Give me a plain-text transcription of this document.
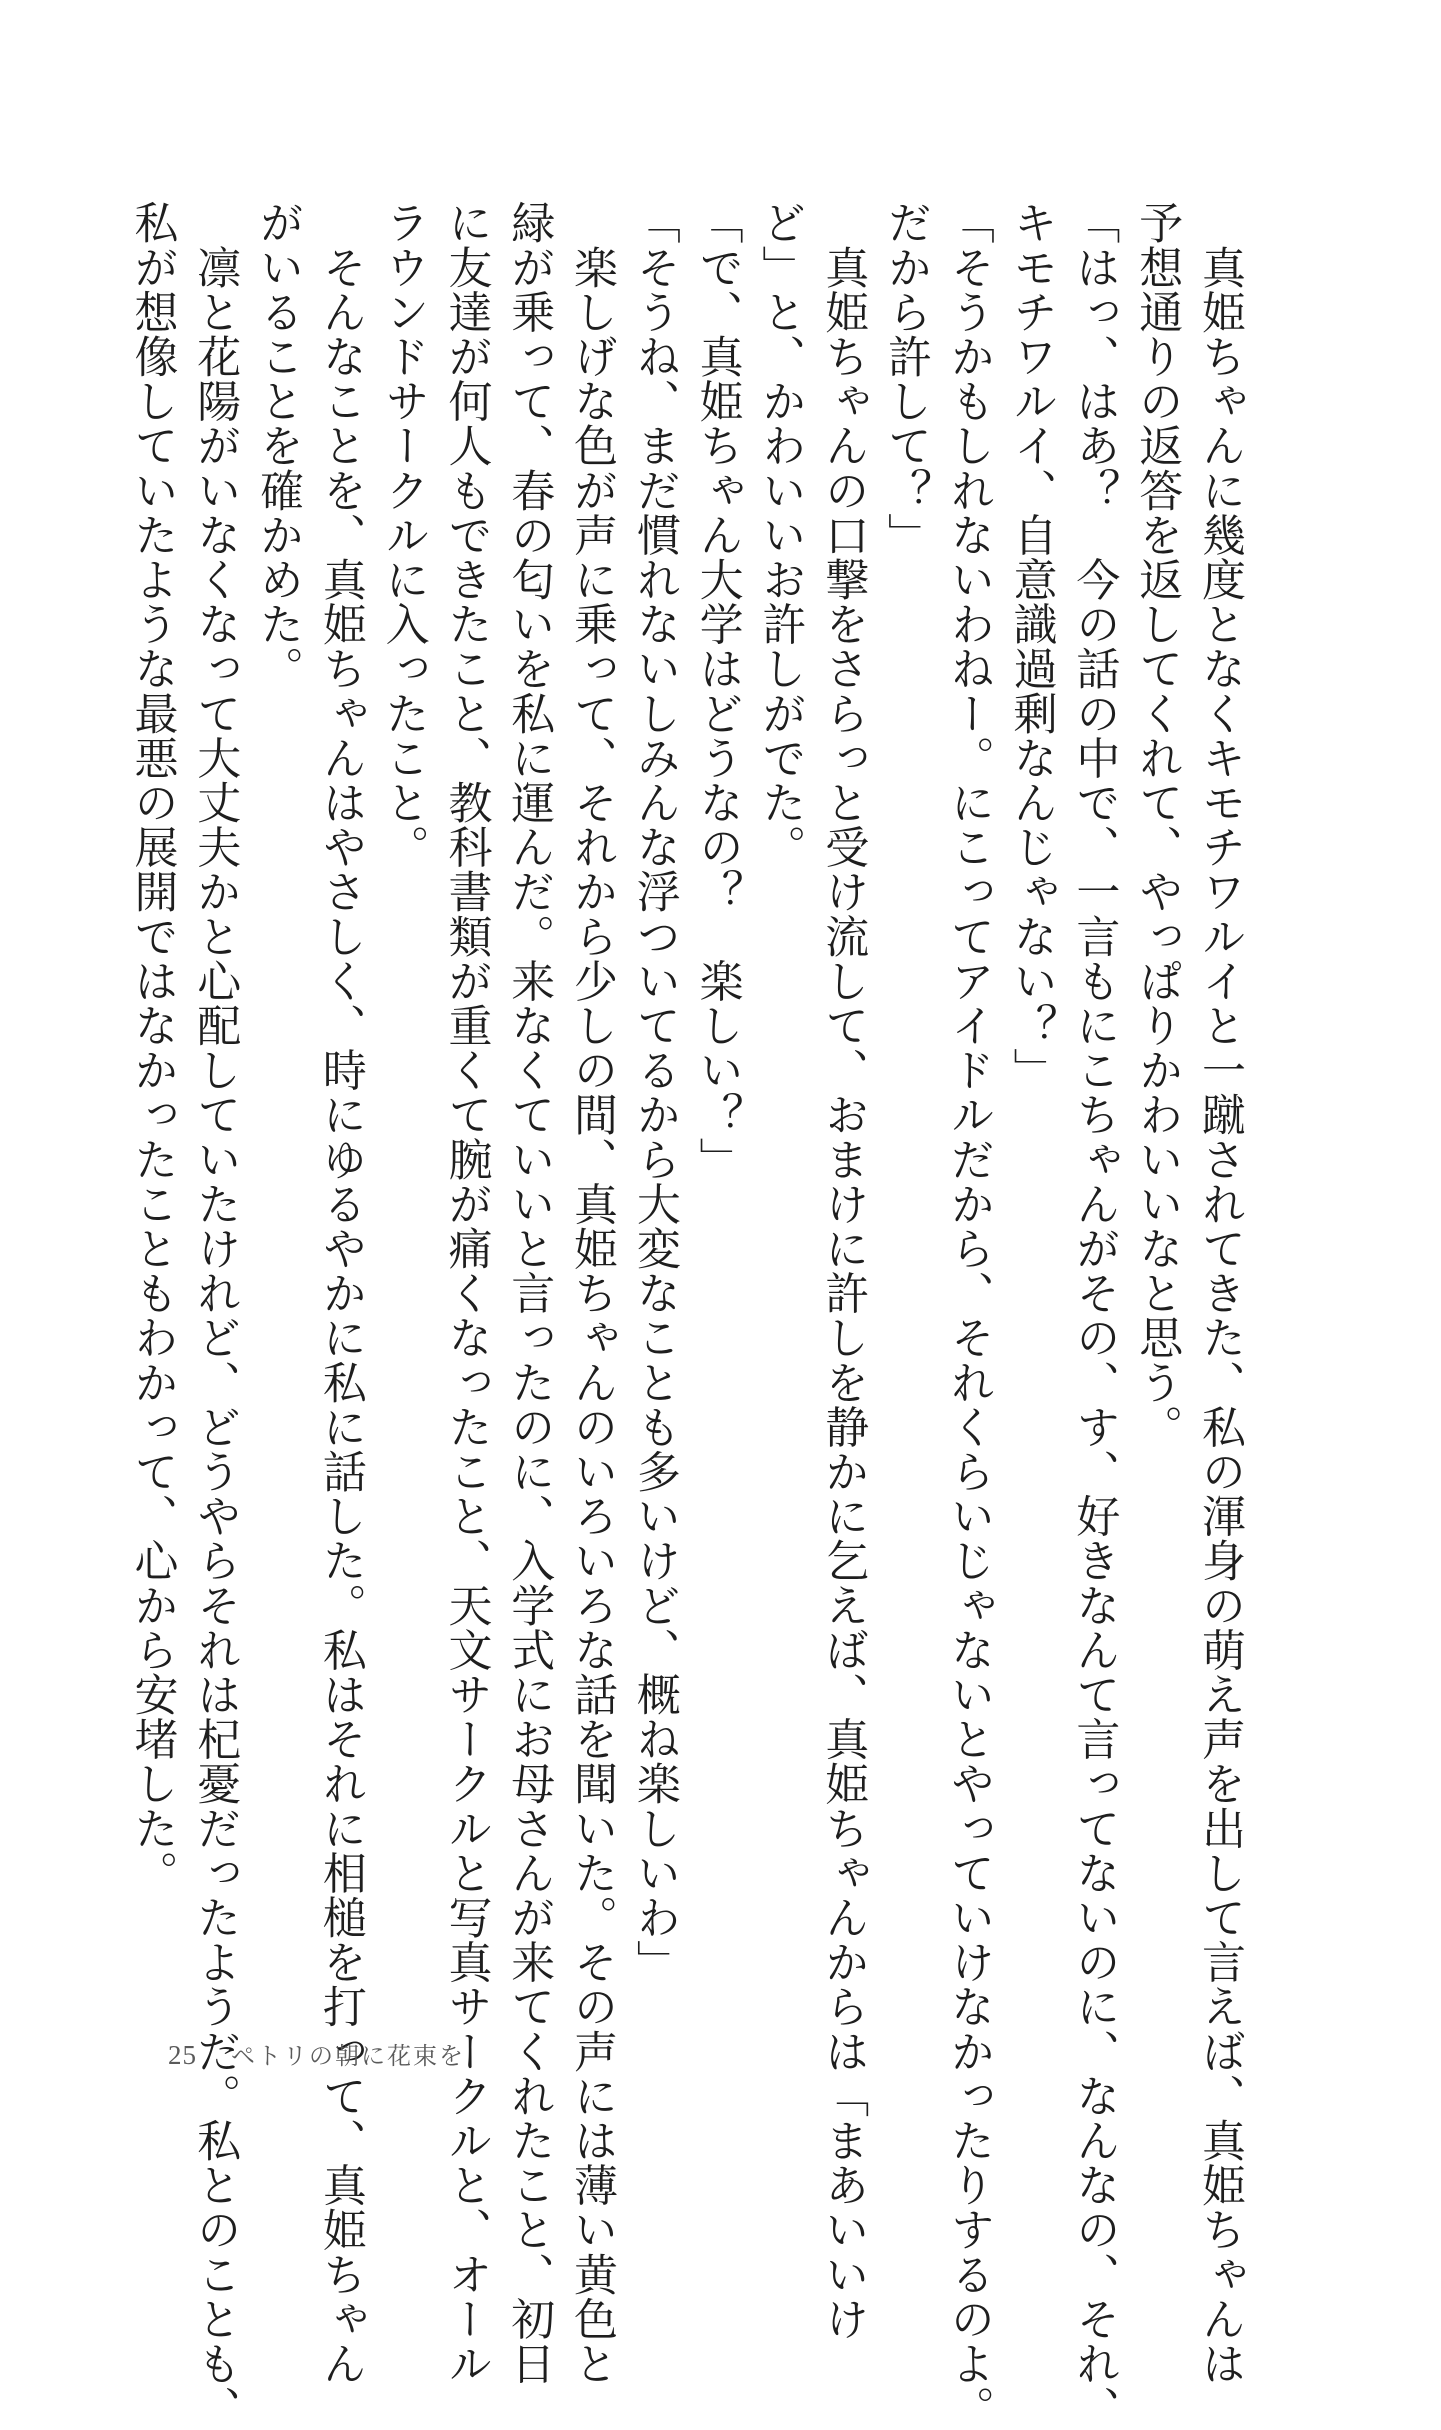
　真姫ちゃんに幾度となくキモチワルイと一蹴されてきた、私の渾身の萌え声を出して言えば、真姫ちゃんは

予想通りの返答を返してくれて、やっぱりかわいいなと思う。

「はっ、はあ？　今の話の中で、一言もにこちゃんがその、す、好きなんて言ってないのに、なんなの、それ、

キモチワルイ、自意識過剰なんじゃない？」

「そうかもしれないわねー。にこってアイドルだから、それくらいじゃないとやっていけなかったりするのよ。

だから許して？」

　真姫ちゃんの口撃をさらっと受け流して、おまけに許しを静かに乞えば、真姫ちゃんからは「まあいいけ

ど」と、かわいいお許しがでた。

「で、真姫ちゃん大学はどうなの？　楽しい？」

「そうね、まだ慣れないしみんな浮ついてるから大変なことも多いけど、概ね楽しいわ」

　楽しげな色が声に乗って、それから少しの間、真姫ちゃんのいろいろな話を聞いた。その声には薄い黄色と

緑が乗って、春の匂いを私に運んだ。来なくていいと言ったのに、入学式にお母さんが来てくれたこと、初日

に友達が何人もできたこと、教科書類が重くて腕が痛くなったこと、天文サークルと写真サークルと、オール

ラウンドサークルに入ったこと。

　そんなことを、真姫ちゃんはやさしく、時にゆるやかに私に話した。私はそれに相槌を打って、真姫ちゃん

がいることを確かめた。

　凛と花陽がいなくなって大丈夫かと心配していたけれど、どうやらそれは杞憂だったようだ。私とのことも、

私が想像していたような最悪の展開ではなかったこともわかって、心から安堵した。

25 ペトリの朝に花束を
